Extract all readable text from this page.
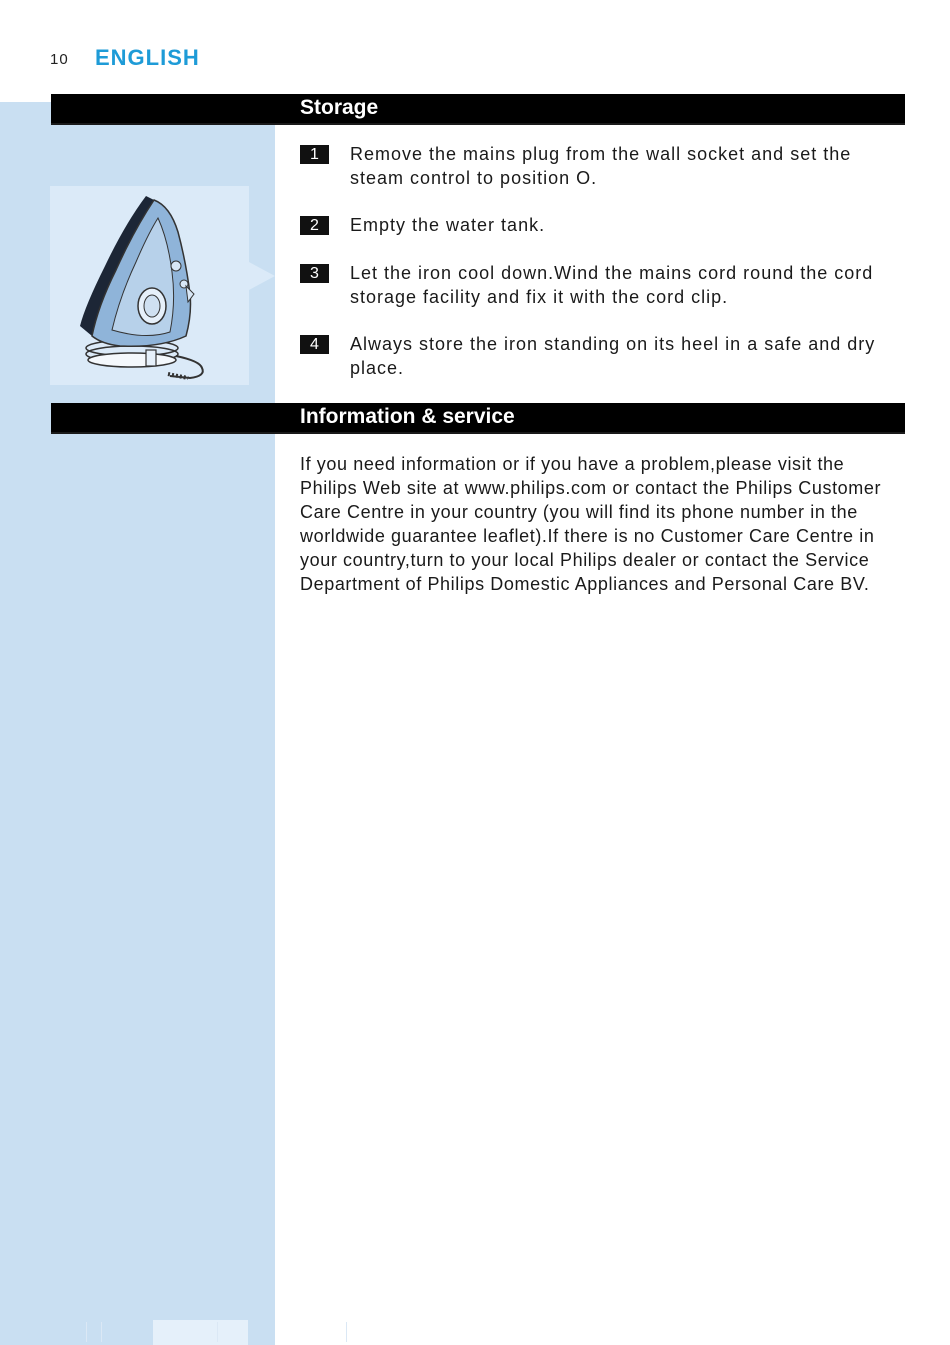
10 ENGLISH
Storage
1	Remove the mains plug from the wall socket and set the steam control to position O.
2	Empty the water tank.
3	Let the iron cool down.Wind the mains cord round the cord storage facility and fix it with the cord clip.
4	Always store the iron standing on its heel in a safe and dry place.
Information & service
If you need information or if you have a problem,please visit the Philips Web site at www.philips.com or contact the Philips Customer Care Centre in your country (you will find its phone number in the worldwide guarantee leaflet).If there is no Customer Care Centre in your country,turn to your local Philips dealer or contact the Service Department of Philips Domestic Appliances and Personal Care BV.
